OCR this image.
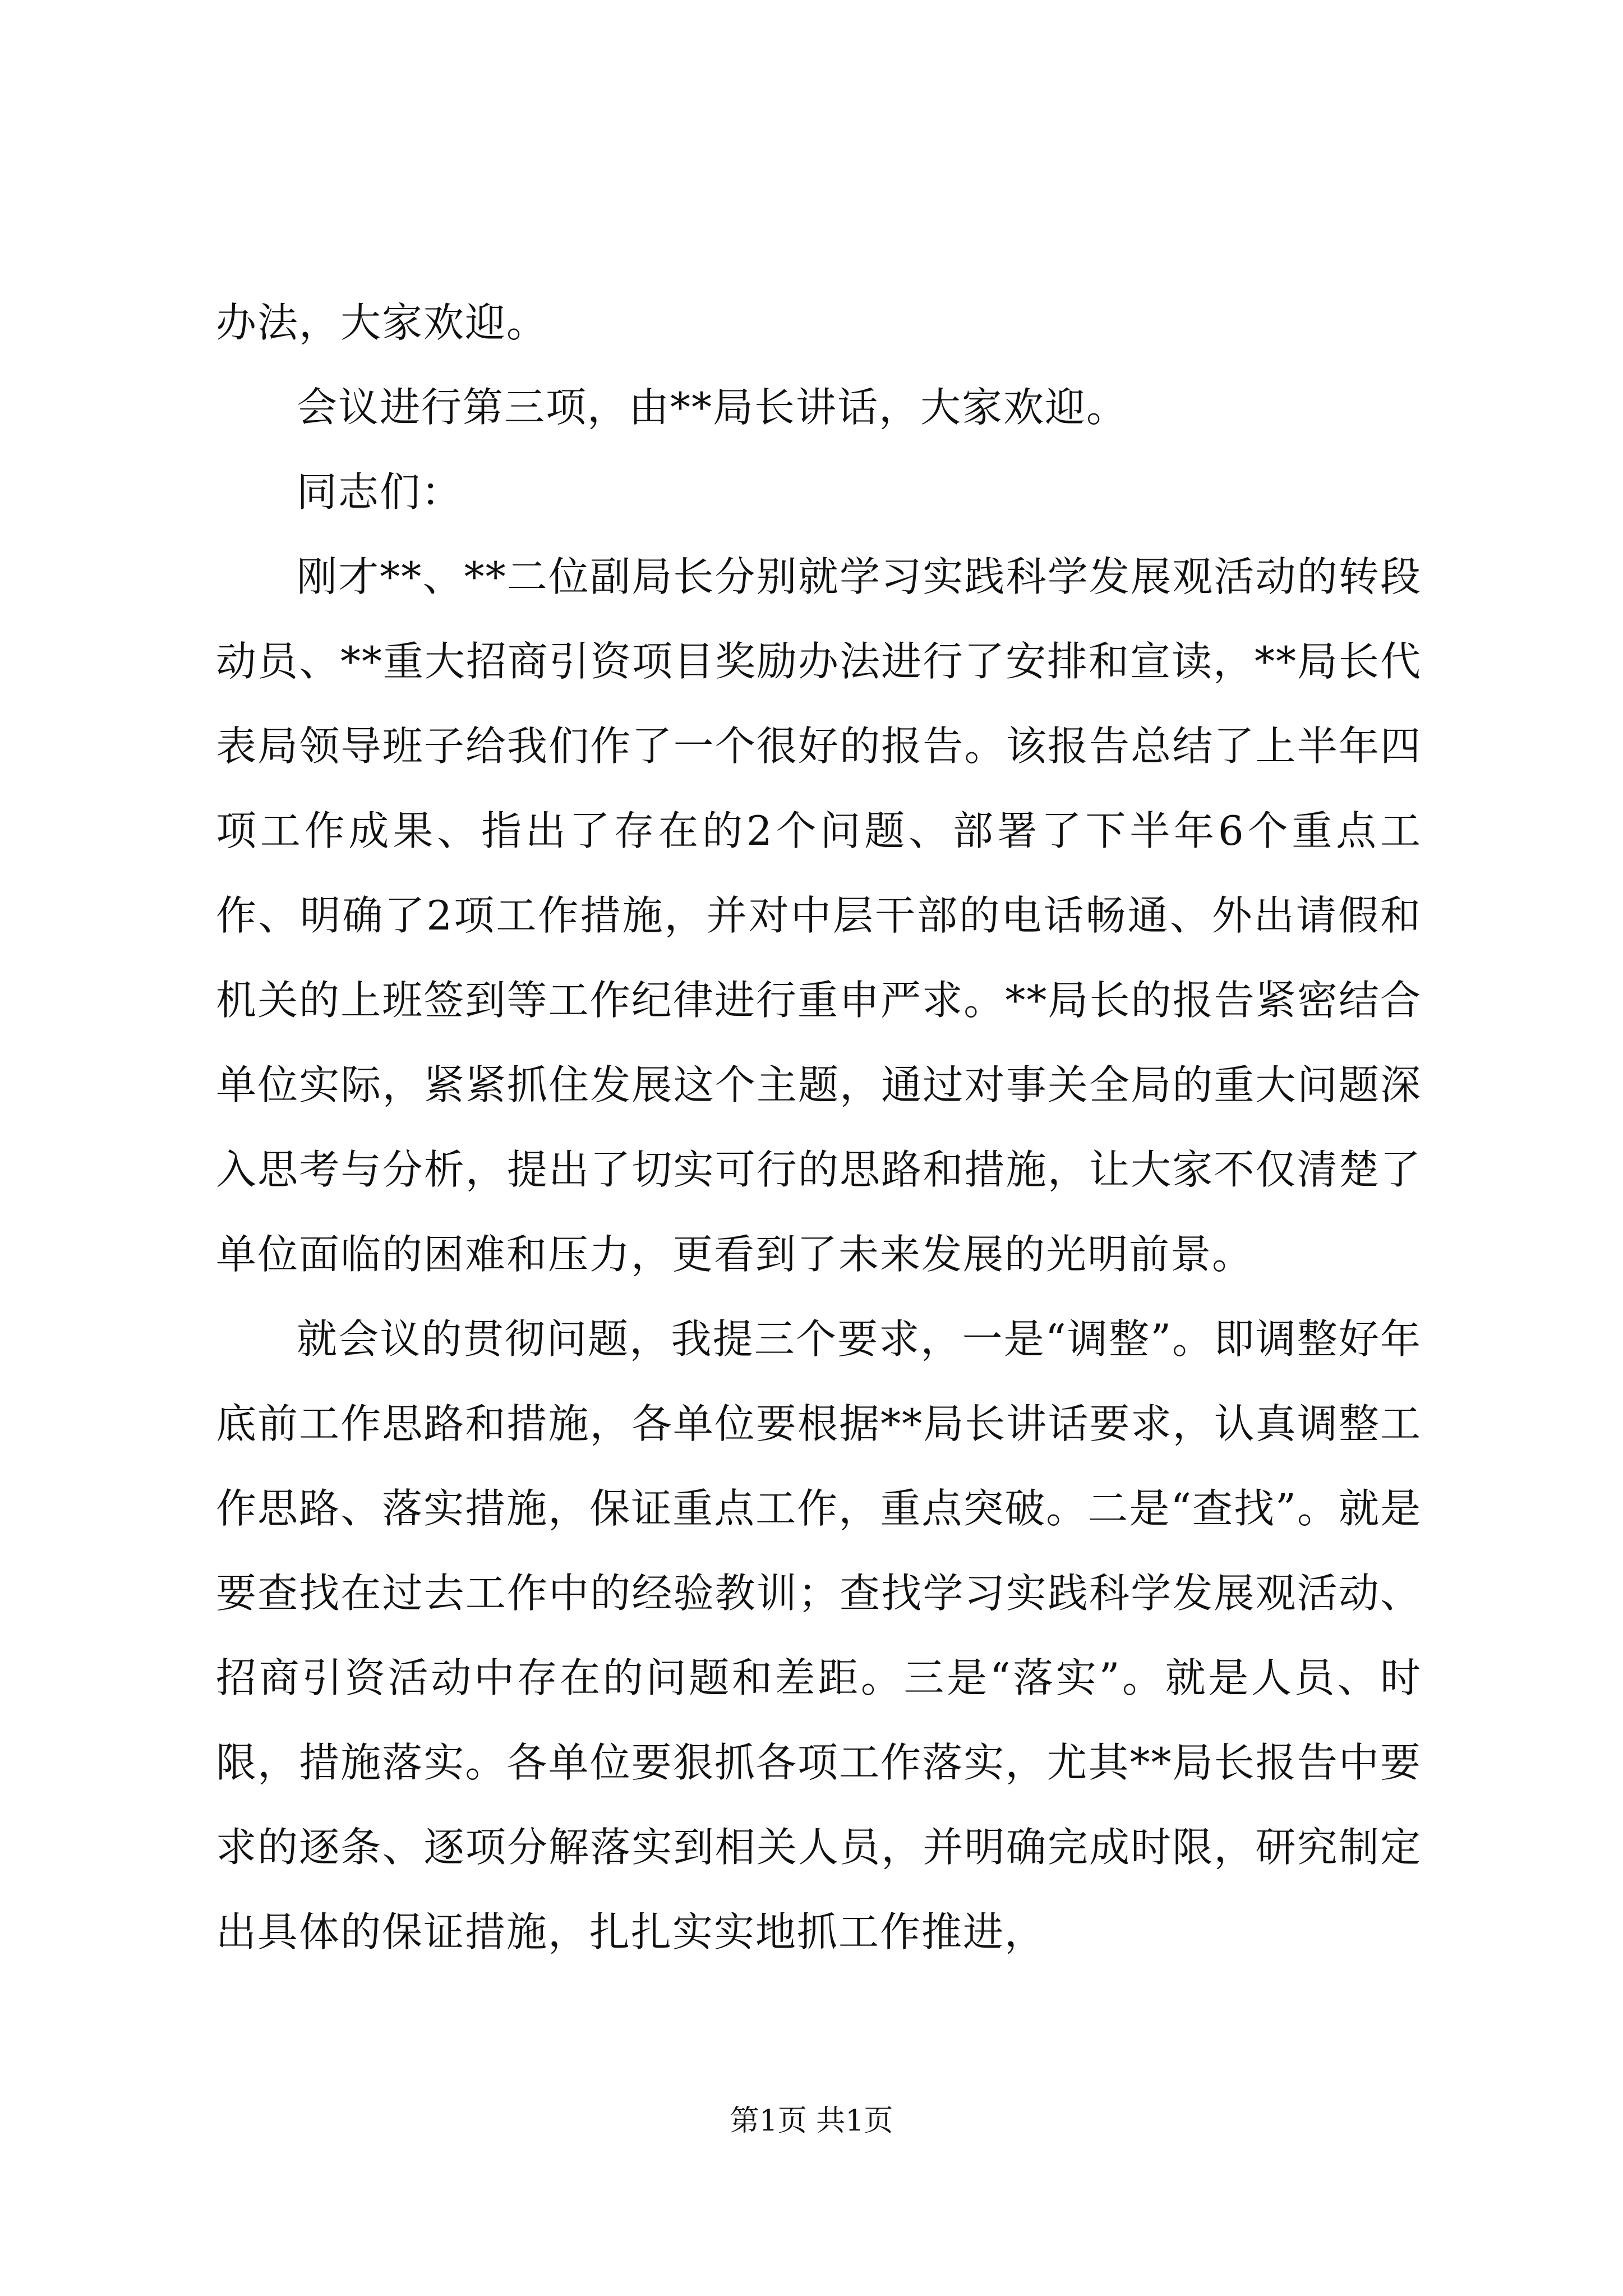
办法，大家欢迎。

会议进行第三项，由**局长讲话，大家欢迎。

同志们：

刚才**、**二位副局长分别就学习实践科学发展观活动的转段动员、**重大招商引资项目奖励办法进行了安排和宣读，**局长代表局领导班子给我们作了一个很好的报告。该报告总结了上半年四项工作成果、指出了存在的2个问题、部署了下半年6个重点工作、明确了2项工作措施，并对中层干部的电话畅通、外出请假和机关的上班签到等工作纪律进行重申严求。**局长的报告紧密结合单位实际，紧紧抓住发展这个主题，通过对事关全局的重大问题深入思考与分析，提出了切实可行的思路和措施，让大家不仅清楚了单位面临的困难和压力，更看到了未来发展的光明前景。

就会议的贯彻问题，我提三个要求，一是“调整”。即调整好年底前工作思路和措施，各单位要根据**局长讲话要求，认真调整工作思路、落实措施，保证重点工作，重点突破。二是“查找”。就是要查找在过去工作中的经验教训；查找学习实践科学发展观活动、招商引资活动中存在的问题和差距。三是“落实”。就是人员、时限，措施落实。各单位要狠抓各项工作落实，尤其**局长报告中要求的逐条、逐项分解落实到相关人员，并明确完成时限，研究制定出具体的保证措施，扎扎实实地抓工作推进，

第1页 共1页
